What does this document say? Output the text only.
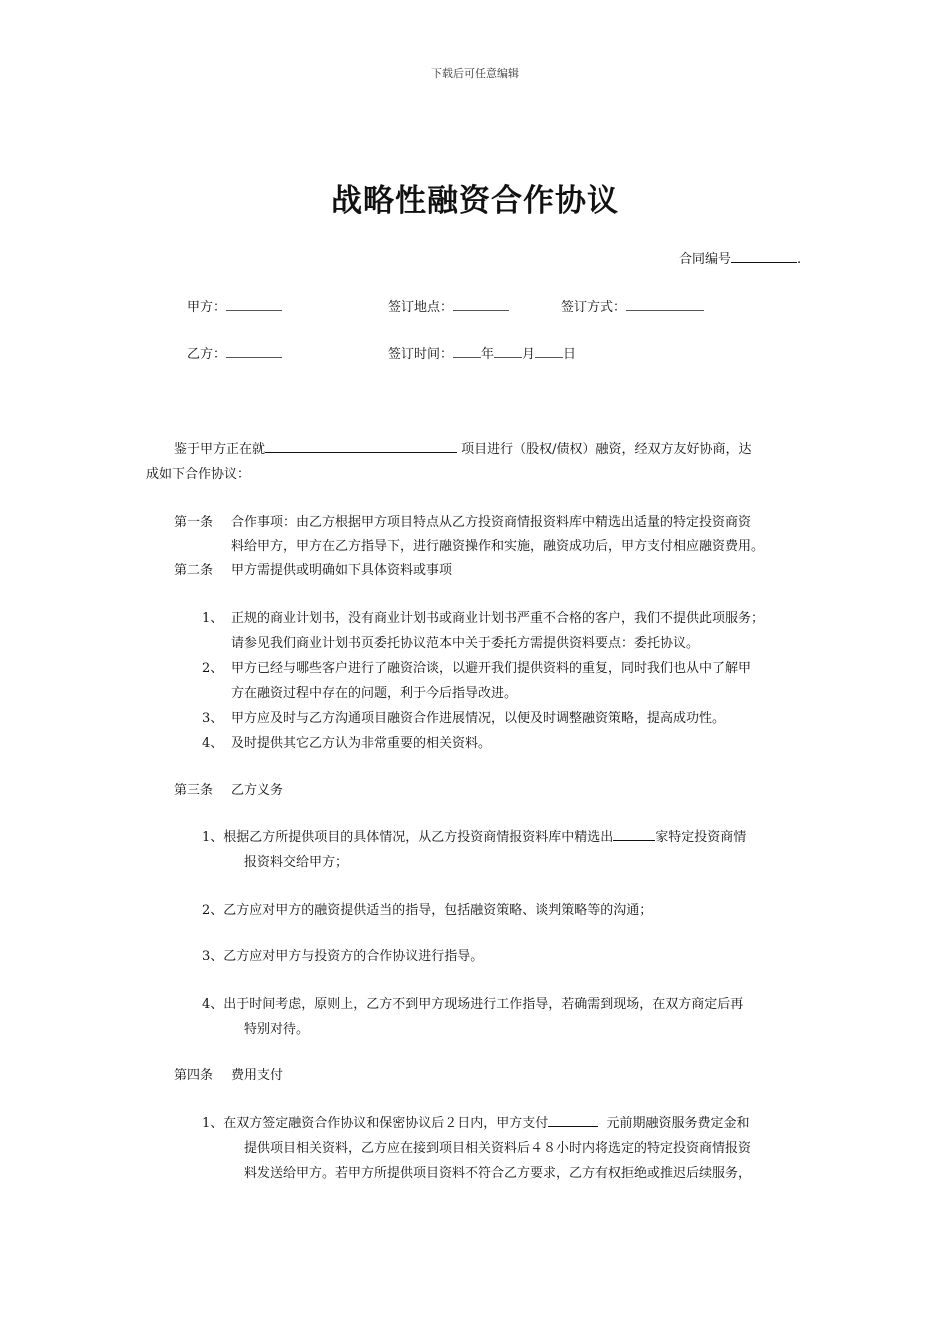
下载后可任意编辑
战略性融资合作协议
合同编号	.
甲方：	签订地点：	签订方式：
乙方：	签订时间： 年 月 日
鉴于甲方正在就	项目进行（股权/债权）融资，经双方友好协商，达
成如下合作协议：
第一条 合作事项：由乙方根据甲方项目特点从乙方投资商情报资料库中精选出适量的特定投资商资
料给甲方，甲方在乙方指导下，进行融资操作和实施，融资成功后，甲方支付相应融资费用。
第二条 甲方需提供或明确如下具体资料或事项
1、 正规的商业计划书，没有商业计划书或商业计划书严重不合格的客户，我们不提供此项服务；
请参见我们商业计划书页委托协议范本中关于委托方需提供资料要点：委托协议。
2、 甲方已经与哪些客户进行了融资洽谈，以避开我们提供资料的重复，同时我们也从中了解甲
方在融资过程中存在的问题，利于今后指导改进。
3、 甲方应及时与乙方沟通项目融资合作进展情况，以便及时调整融资策略，提高成功性。
4、 及时提供其它乙方认为非常重要的相关资料。
第三条 乙方义务
1、根据乙方所提供项目的具体情况，从乙方投资商情报资料库中精选出	家特定投资商情
报资料交给甲方；
2、乙方应对甲方的融资提供适当的指导，包括融资策略、谈判策略等的沟通；
3、乙方应对甲方与投资方的合作协议进行指导。
4、出于时间考虑，原则上，乙方不到甲方现场进行工作指导，若确需到现场，在双方商定后再
特别对待。
第四条 费用支付
1、在双方签定融资合作协议和保密协议后２日内，甲方支付	元前期融资服务费定金和
提供项目相关资料，乙方应在接到项目相关资料后４８小时内将选定的特定投资商情报资
料发送给甲方。若甲方所提供项目资料不符合乙方要求，乙方有权拒绝或推迟后续服务，
